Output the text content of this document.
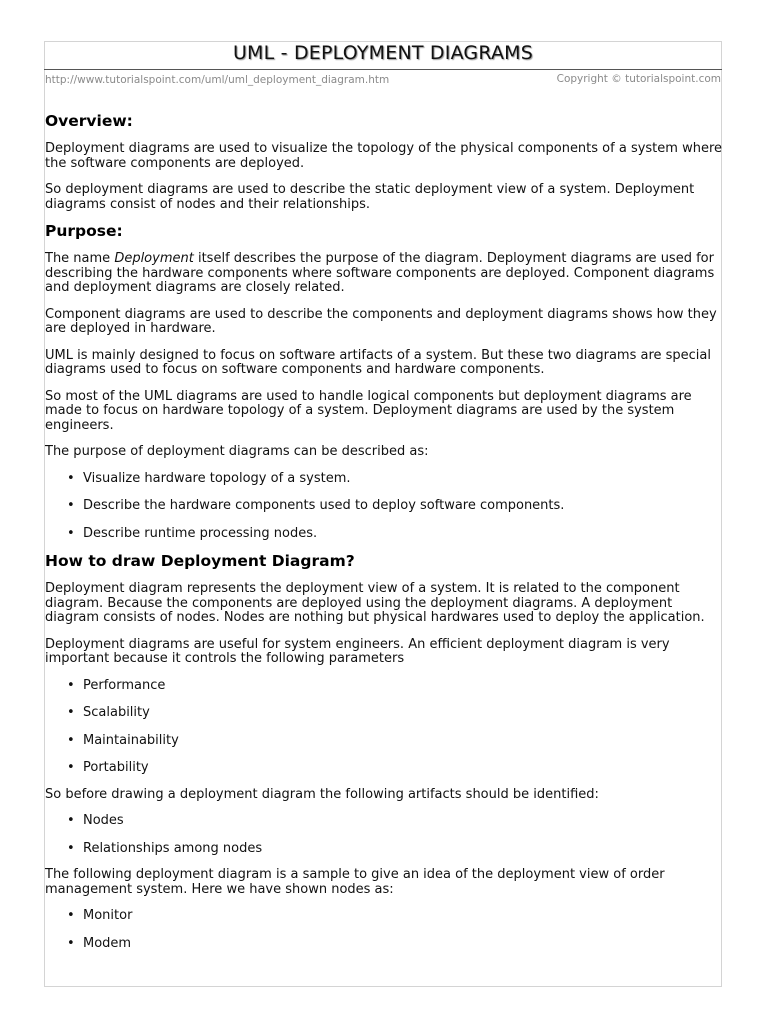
UML - DEPLOYMENT DIAGRAMS
http://www.tutorialspoint.com/uml/uml_deployment_diagram.htm	Copyright © tutorialspoint.com
Overview:

Deployment diagrams are used to visualize the topology of the physical components of a system where the software components are deployed.

So deployment diagrams are used to describe the static deployment view of a system. Deployment diagrams consist of nodes and their relationships.

Purpose:

The name Deployment itself describes the purpose of the diagram. Deployment diagrams are used for describing the hardware components where software components are deployed. Component diagrams and deployment diagrams are closely related.

Component diagrams are used to describe the components and deployment diagrams shows how they are deployed in hardware.

UML is mainly designed to focus on software artifacts of a system. But these two diagrams are special diagrams used to focus on software components and hardware components.

So most of the UML diagrams are used to handle logical components but deployment diagrams are made to focus on hardware topology of a system. Deployment diagrams are used by the system engineers.

The purpose of deployment diagrams can be described as:

• Visualize hardware topology of a system.
• Describe the hardware components used to deploy software components.
• Describe runtime processing nodes.
How to draw Deployment Diagram?

Deployment diagram represents the deployment view of a system. It is related to the component diagram. Because the components are deployed using the deployment diagrams. A deployment diagram consists of nodes. Nodes are nothing but physical hardwares used to deploy the application.

Deployment diagrams are useful for system engineers. An efficient deployment diagram is very important because it controls the following parameters

• Performance
• Scalability
• Maintainability
• Portability

So before drawing a deployment diagram the following artifacts should be identified:

• Nodes
• Relationships among nodes

The following deployment diagram is a sample to give an idea of the deployment view of order management system. Here we have shown nodes as:

• Monitor
• Modem
